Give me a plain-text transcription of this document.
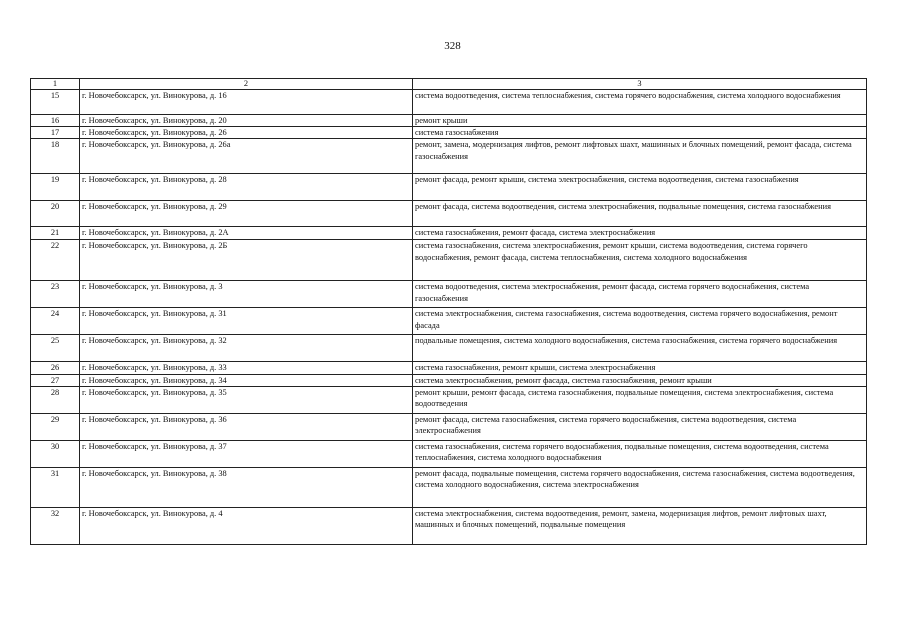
328
1	2	3
15	г. Новочебоксарск, ул. Винокурова, д. 16	система водоотведения, система теплоснабжения, система горячего водоснабжения, система холодного водоснабжения
16	г. Новочебоксарск, ул. Винокурова, д. 20	ремонт крыши
17	г. Новочебоксарск, ул. Винокурова, д. 26	система газоснабжения
18	г. Новочебоксарск, ул. Винокурова, д. 26а	ремонт, замена, модернизация лифтов, ремонт лифтовых шахт, машинных и блочных помещений, ремонт фасада, система газоснабжения
19	г. Новочебоксарск, ул. Винокурова, д. 28	ремонт фасада, ремонт крыши, система электроснабжения, система водоотведения, система газоснабжения
20	г. Новочебоксарск, ул. Винокурова, д. 29	ремонт фасада, система водоотведения, система электроснабжения, подвальные помещения, система газоснабжения
21	г. Новочебоксарск, ул. Винокурова, д. 2А	система газоснабжения, ремонт фасада, система электроснабжения
22	г. Новочебоксарск, ул. Винокурова, д. 2Б	система газоснабжения, система электроснабжения, ремонт крыши, система водоотведения, система горячего водоснабжения, ремонт фасада, система теплоснабжения, система холодного водоснабжения
23	г. Новочебоксарск, ул. Винокурова, д. 3	система водоотведения, система электроснабжения, ремонт фасада, система горячего водоснабжения, система газоснабжения
24	г. Новочебоксарск, ул. Винокурова, д. 31	система электроснабжения, система газоснабжения, система водоотведения, система горячего водоснабжения, ремонт фасада
25	г. Новочебоксарск, ул. Винокурова, д. 32	подвальные помещения, система холодного водоснабжения, система газоснабжения, система горячего водоснабжения
26	г. Новочебоксарск, ул. Винокурова, д. 33	система газоснабжения, ремонт крыши, система электроснабжения
27	г. Новочебоксарск, ул. Винокурова, д. 34	система электроснабжения, ремонт фасада, система газоснабжения, ремонт крыши
28	г. Новочебоксарск, ул. Винокурова, д. 35	ремонт крыши, ремонт фасада, система газоснабжения, подвальные помещения, система электроснабжения, система водоотведения
29	г. Новочебоксарск, ул. Винокурова, д. 36	ремонт фасада, система газоснабжения, система горячего водоснабжения, система водоотведения, система электроснабжения
30	г. Новочебоксарск, ул. Винокурова, д. 37	система газоснабжения, система горячего водоснабжения, подвальные помещения, система водоотведения, система теплоснабжения, система холодного водоснабжения
31	г. Новочебоксарск, ул. Винокурова, д. 38	ремонт фасада, подвальные помещения, система горячего водоснабжения, система газоснабжения, система водоотведения, система холодного водоснабжения, система электроснабжения
32	г. Новочебоксарск, ул. Винокурова, д. 4	система электроснабжения, система водоотведения, ремонт, замена, модернизация лифтов, ремонт лифтовых шахт, машинных и блочных помещений, подвальные помещения
